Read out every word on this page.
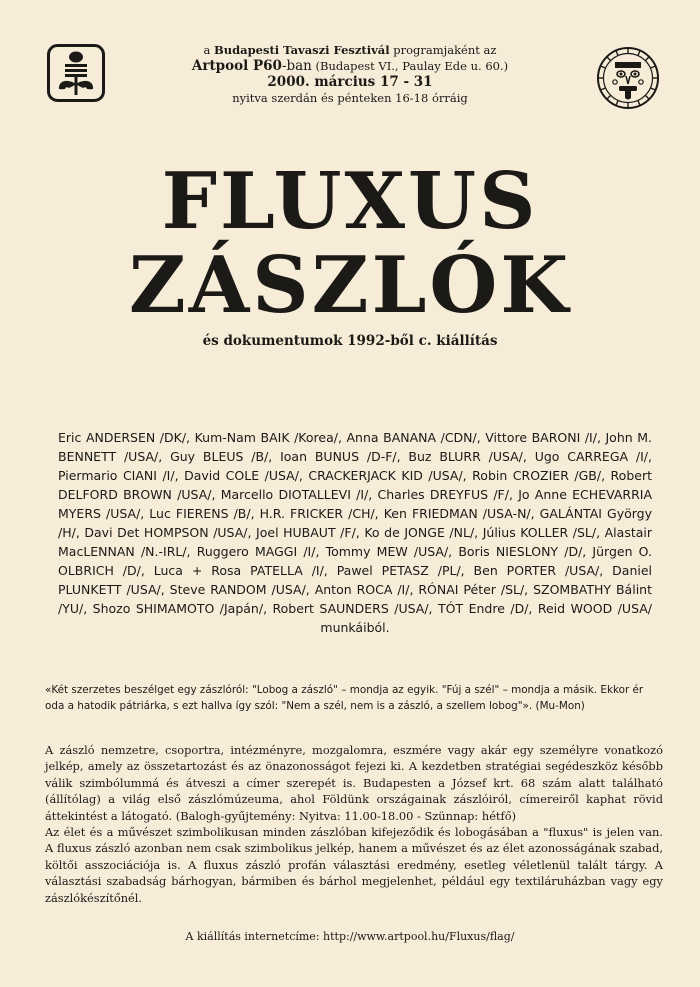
a Budapesti Tavaszi Fesztivál programjaként az
Artpool P60-ban (Budapest VI., Paulay Ede u. 60.)
2000. március 17 - 31
nyitva szerdán és pénteken 16-18 órráig
FLUXUS
ZÁSZLÓK
és dokumentumok 1992-ből c. kiállítás
Eric ANDERSEN /DK/, Kum-Nam BAIK /Korea/, Anna BANANA /CDN/, Vittore BARONI /I/, John M. BENNETT /USA/, Guy BLEUS /B/, Ioan BUNUS /D-F/, Buz BLURR /USA/, Ugo CARREGA /I/, Piermario CIANI /I/, David COLE /USA/, CRACKERJACK KID /USA/, Robin CROZIER /GB/, Robert DELFORD BROWN /USA/, Marcello DIOTALLEVI /I/, Charles DREYFUS /F/, Jo Anne ECHEVARRIA MYERS /USA/, Luc FIERENS /B/, H.R. FRICKER /CH/, Ken FRIEDMAN /USA-N/, GALÁNTAI György /H/, Davi Det HOMPSON /USA/, Joel HUBAUT /F/, Ko de JONGE /NL/, Július KOLLER /SL/, Alastair MacLENNAN /N.-IRL/, Ruggero MAGGI /I/, Tommy MEW /USA/, Boris NIESLONY /D/, Jürgen O. OLBRICH /D/, Luca + Rosa PATELLA /I/, Pawel PETASZ /PL/, Ben PORTER /USA/, Daniel PLUNKETT /USA/, Steve RANDOM /USA/, Anton ROCA /I/, RÓNAI Péter /SL/, SZOMBATHY Bálint /YU/, Shozo SHIMAMOTO /Japán/, Robert SAUNDERS /USA/, TÓT Endre /D/, Reid WOOD /USA/ munkáiból.
«Két szerzetes beszélget egy zászlóról: "Lobog a zászló" – mondja az egyik. "Fúj a szél" – mondja a másik. Ekkor ér oda a hatodik pátriárka, s ezt hallva így szól: "Nem a szél, nem is a zászló, a szellem lobog"». (Mu-Mon)

A zászló nemzetre, csoportra, intézményre, mozgalomra, eszmére vagy akár egy személyre vonatkozó jelkép, amely az összetartozást és az önazonosságot fejezi ki. A kezdetben stratégiai segédeszköz később válik szimbólummá és átveszi a címer szerepét is. Budapesten a József krt. 68 szám alatt található (állítólag) a világ első zászlómúzeuma, ahol Földünk országainak zászlóiról, címereiről kaphat rövid áttekintést a látogató. (Balogh-gyűjtemény: Nyitva: 11.00-18.00 - Szünnap: hétfő)

Az élet és a művészet szimbolikusan minden zászlóban kifejeződik és lobogásában a "fluxus" is jelen van. A fluxus zászló azonban nem csak szimbolikus jelkép, hanem a művészet és az élet azonosságának szabad, költői asszociációja is. A fluxus zászló profán választási eredmény, esetleg véletlenül talált tárgy. A választási szabadság bárhogyan, bármiben és bárhol megjelenhet, például egy textiláruházban vagy egy zászlókészítőnél.

A kiállítás internetcíme: http://www.artpool.hu/Fluxus/flag/
